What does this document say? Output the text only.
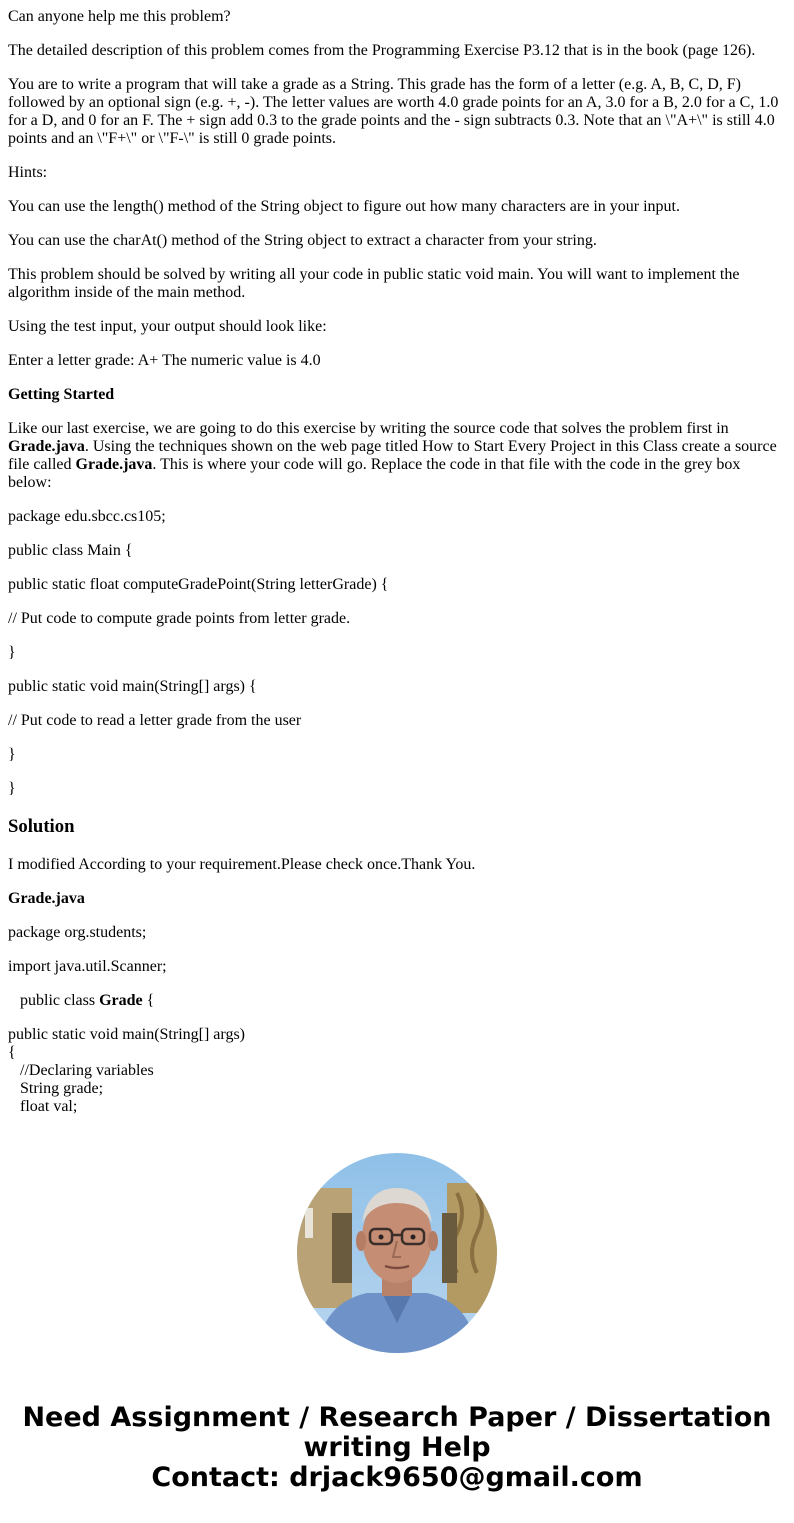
Can anyone help me this problem?

The detailed description of this problem comes from the Programming Exercise P3.12 that is in the book (page 126).

You are to write a program that will take a grade as a String. This grade has the form of a letter (e.g. A, B, C, D, F) followed by an optional sign (e.g. +, -). The letter values are worth 4.0 grade points for an A, 3.0 for a B, 2.0 for a C, 1.0 for a D, and 0 for an F. The + sign add 0.3 to the grade points and the - sign subtracts 0.3. Note that an \"A+\" is still 4.0 points and an \"F+\" or \"F-\" is still 0 grade points.

Hints:

You can use the length() method of the String object to figure out how many characters are in your input.

You can use the charAt() method of the String object to extract a character from your string.

This problem should be solved by writing all your code in public static void main. You will want to implement the algorithm inside of the main method.

Using the test input, your output should look like:

Enter a letter grade: A+ The numeric value is 4.0

Getting Started

Like our last exercise, we are going to do this exercise by writing the source code that solves the problem first in Grade.java. Using the techniques shown on the web page titled How to Start Every Project in this Class create a source file called Grade.java. This is where your code will go. Replace the code in that file with the code in the grey box below:

package edu.sbcc.cs105;

public class Main {

public static float computeGradePoint(String letterGrade) {

// Put code to compute grade points from letter grade.

}

public static void main(String[] args) {

// Put code to read a letter grade from the user

}

}

Solution

I modified According to your requirement.Please check once.Thank You.

Grade.java

package org.students;

import java.util.Scanner;

public class Grade {

public static void main(String[] args)
{
//Declaring variables
String grade;
float val;
Need Assignment / Research Paper / Dissertation
writing Help
Contact: drjack9650@gmail.com
